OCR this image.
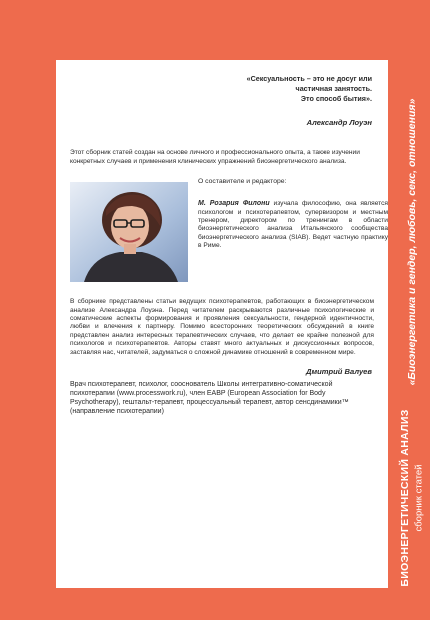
«Сексуальность – это не досуг или
частичная занятость.
Это способ бытия».
Александр Лоуэн
Этот сборник статей создан на основе личного и профессионального опыта, а также изучении конкретных случаев и применения клинических упражнений биоэнергетического анализа.
О составителе и редакторе:
М. Розария Филони изучала философию, она является психологом и психотерапевтом, супервизором и местным тренером, директором по тренингам в области биоэнергетического анализа Итальянского сообщества биоэнергетического анализа (SIAB). Ведет частную практику в Риме.
В сборнике представлены статьи ведущих психотерапевтов, работающих в биоэнергетическом анализе Александра Лоуэна. Перед читателем раскрываются различные психологические и соматические аспекты формирования и проявления сексуальности, гендерной идентичности, любви и влечения к партнеру. Помимо всесторонних теоретических обсуждений в книге представлен анализ интересных терапевтических случаев, что делает ее крайне полезной для психологов и психотерапевтов. Авторы ставят много актуальных и дискуссионных вопросов, заставляя нас, читателей, задуматься о сложной динамике отношений в современном мире.
Дмитрий Валуев
Врач психотерапевт, психолог, сооснователь Школы интегративно-соматической психотерапии (www.processwork.ru), член EABP (European Association for Body Psychotherapy), гештальт-терапевт, процессуальный терапевт, автор сенсдинамики™ (направление психотерапии)
«Биоэнергетика и гендер, любовь, секс, отношения»
БИОЭНЕРГЕТИЧЕСКИЙ АНАЛИЗ сборник статей
